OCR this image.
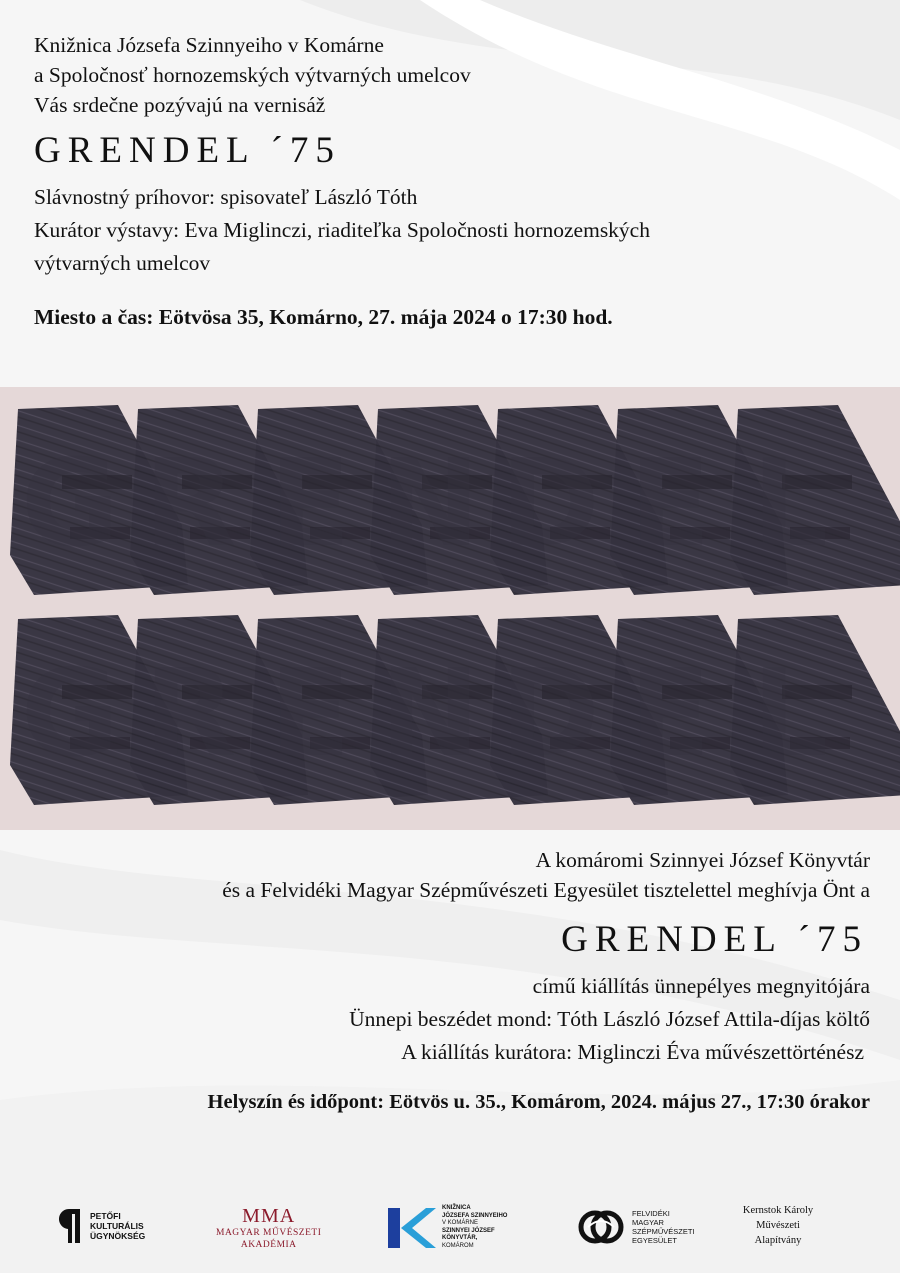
Knižnica Józsefa Szinnyeiho v Komárne
a Spoločnosť hornozemských výtvarných umelcov
Vás srdečne pozývajú na vernisáž
GRENDEL ´75
Slávnostný príhovor: spisovateľ László Tóth
Kurátor výstavy: Eva Miglinczi, riaditeľka Spoločnosti hornozemských
výtvarných umelcov
Miesto a čas: Eötvösa 35, Komárno, 27. mája 2024 o 17:30 hod.
G R E N D E L
G R E N D E L
A komáromi Szinnyei József Könyvtár
és a Felvidéki Magyar Szépművészeti Egyesület tisztelettel meghívja Önt a
GRENDEL ´75
című kiállítás ünnepélyes megnyitójára
Ünnepi beszédet mond: Tóth László József Attila-díjas költő
A kiállítás kurátora: Miglinczi Éva művészettörténész
Helyszín és időpont: Eötvös u. 35., Komárom, 2024. május 27., 17:30 órakor
PETŐFI
KULTURÁLIS
ÜGYNÖKSÉG
MMA
MAGYAR MŰVÉSZETI
AKADÉMIA
KNIŽNICA
JÓZSEFA SZINNYEIHO
V KOMÁRNE
SZINNYEI JÓZSEF
KÖNYVTÁR,
KOMÁROM
FELVIDÉKI
MAGYAR
SZÉPMŰVÉSZETI
EGYESÜLET
Kernstok Károly
Művészeti
Alapítvány
